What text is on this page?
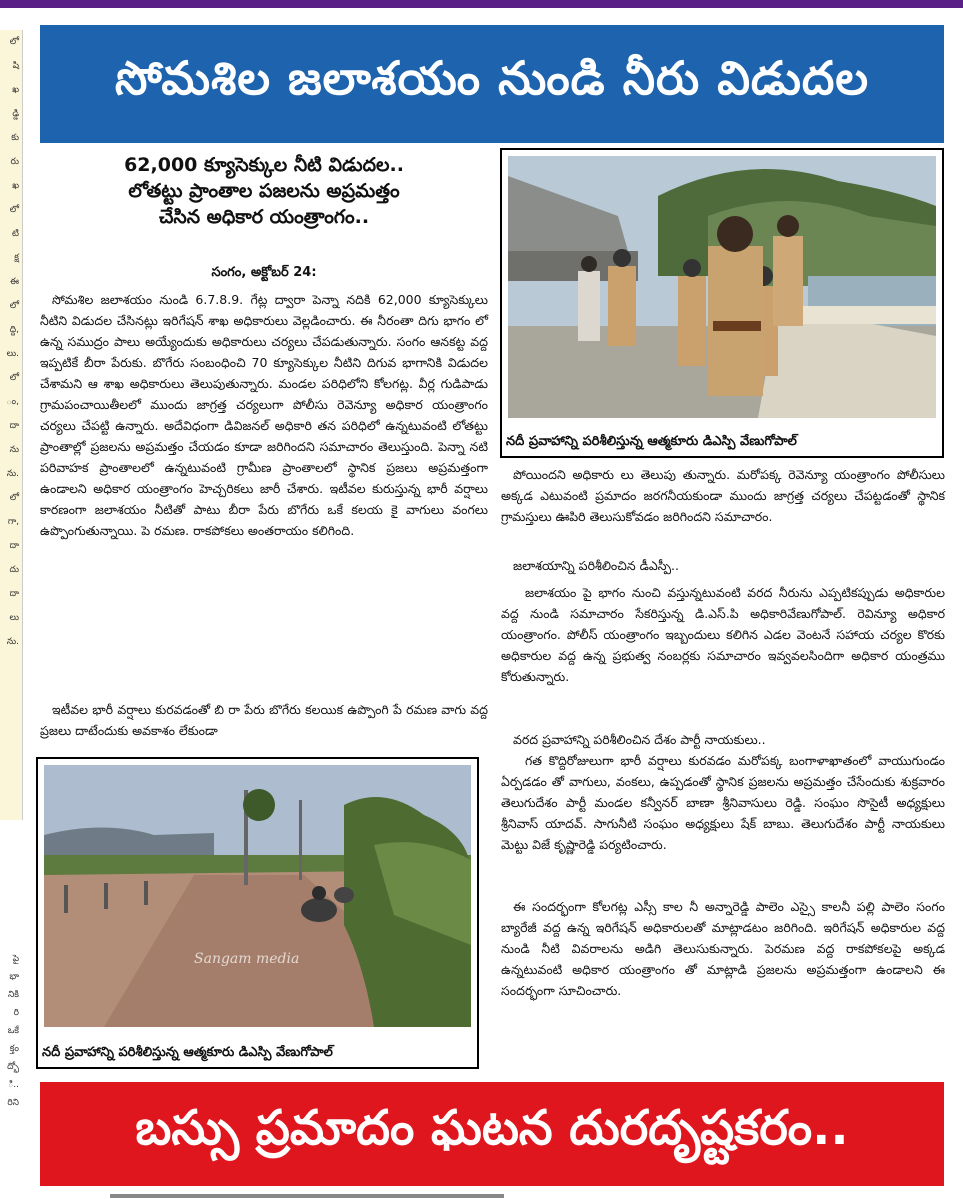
లో
షి
ఖ
డ్డి
కు
రు
ఖ
లో
టి
క్ష
ఈ
లో
ద్ది,
లు.
లో
ం,
దా
ను
ను.
లో
గా,
దా
దు
దా
లు
ను.
పై
భా
నికి
రి
ఒకే
క్తం
ద్భో
ి..
రిని
సోమశిల జలాశయం నుండి నీరు విడుదల
62,000 క్యూసెక్కుల నీటి విడుదల..
లోతట్టు ప్రాంతాల పజలను అప్రమత్తం
చేసిన అధికార యంత్రాంగం..
సంగం, అక్టోబర్ 24:

సోమశిల జలాశయం నుండి 6.7.8.9. గేట్ల ద్వారా పెన్నా నదికి 62,000 క్యూసెక్కులు నీటిని విడుదల చేసినట్లు ఇరిగేషన్ శాఖ అధికారులు వెల్లడించారు. ఈ నీరంతా దిగు భాగం లో ఉన్న సముద్రం పాలు అయ్యేందుకు అధికారులు చర్యలు చేపడుతున్నారు. సంగం ఆనకట్ట వద్ద ఇప్పటికే బీరా పేరుకు. బొగేరు సంబంధించి 70 క్యూసెక్కుల నీటిని దిగువ భాగానికి విడుదల చేశామని ఆ శాఖ అధికారులు తెలుపుతున్నారు. మండల పరిధిలోని కోలగట్ల. వీర్ల గుడిపాడు గ్రామపంచాయితీలలో ముందు జాగ్రత్త చర్యలుగా పోలీసు రెవెన్యూ అధికార యంత్రాంగం చర్యలు చేపట్టి ఉన్నారు. అదేవిధంగా డివిజనల్ అధికారి తన పరిధిలో ఉన్నటువంటి లోతట్టు ప్రాంతాల్లో ప్రజలను అప్రమత్తం చేయడం కూడా జరిగిందని సమాచారం తెలుస్తుంది. పెన్నా నటి పరివాహక ప్రాంతాలలో ఉన్నటువంటి గ్రామీణ ప్రాంతాలలో స్థానిక ప్రజలు అప్రమత్తంగా ఉండాలని అధికార యంత్రాంగం హెచ్చరికలు జారీ చేశారు. ఇటీవల కురుస్తున్న భారీ వర్షాలు కారణంగా జలాశయం నీటితో పాటు బీరా పేరు బొగేరు ఒకే కలయ కై వాగులు వంగలు ఉప్పొంగుతున్నాయి. పె రమణ. రాకపోకలు అంతరాయం కలిగింది.

ఇటీవల భారీ వర్షాలు కురవడంతో బి రా పేరు బొగేరు కలయిక ఉప్పొంగి పే రమణ వాగు వద్ద ప్రజలు దాటేందుకు అవకాశం లేకుండా

నదీ ప్రవాహాన్ని పరిశీలిస్తున్న ఆత్మకూరు డిఎస్పి వేణుగోపాల్
Sangam media
నదీ ప్రవాహాన్ని పరిశీలిస్తున్న ఆత్మకూరు డిఎస్పి వేణుగోపాల్

పోయిందని అధికారు లు తెలుపు తున్నారు. మరోపక్క రెవెన్యూ యంత్రాంగం పోలీసులు అక్కడ ఎటువంటి ప్రమాదం జరగనీయకుండా ముందు జాగ్రత్త చర్యలు చేపట్టడంతో స్థానిక గ్రామస్తులు ఊపిరి తెలుసుకోవడం జరిగిందని సమాచారం.

జలాశయాన్ని పరిశీలించిన డీఎస్పీ..

జలాశయం పై భాగం నుంచి వస్తున్నటువంటి వరద నీరును ఎప్పటికప్పుడు అధికారుల వద్ద నుండి సమాచారం సేకరిస్తున్న డి.ఎస్.పి అధికారివేణుగోపాల్. రెవిన్యూ అధికార యంత్రాంగం. పోలీస్ యంత్రాంగం ఇబ్బందులు కలిగిన ఎడల వెంటనే సహాయ చర్యల కొరకు అధికారుల వద్ద ఉన్న ప్రభుత్వ నంబర్లకు సమాచారం ఇవ్వవలసిందిగా అధికార యంత్రము కోరుతున్నారు.

వరద ప్రవాహాన్ని పరిశీలించిన దేశం పార్టీ నాయకులు..

గత కొద్దిరోజులుగా భారీ వర్షాలు కురవడం మరోపక్క బంగాళాఖాతంలో వాయుగుండం ఏర్పడడం తో వాగులు, వంకలు, ఉప్పడంతో స్థానిక ప్రజలను అప్రమత్తం చేసేందుకు శుక్రవారం తెలుగుదేశం పార్టీ మండల కన్వీనర్ బాణా శ్రీనివాసులు రెడ్డి. సంఘం సొసైటీ అధ్యక్షులు శ్రీనివాస్ యాదవ్. సాగునీటి సంఘం అధ్యక్షులు షేక్ బాబు. తెలుగుదేశం పార్టీ నాయకులు మెట్టు విజే కృష్ణారెడ్డి పర్యటించారు.

ఈ సందర్భంగా కోలగట్ల ఎస్సీ కాల నీ అన్నారెడ్డి పాలెం ఎస్సై కాలనీ పల్లి పాలెం సంగం బ్యారేజీ వద్ద ఉన్న ఇరిగేషన్ అధికారులతో మాట్లాడటం జరిగింది. ఇరిగేషన్ అధికారుల వద్ద నుండి నీటి వివరాలను అడిగి తెలుసుకున్నారు. పెరమణ వద్ద రాకపోకలపై అక్కడ ఉన్నటువంటి అధికార యంత్రాంగం తో మాట్లాడి ప్రజలను అప్రమత్తంగా ఉండాలని ఈ సందర్భంగా సూచించారు.

బస్సు ప్రమాదం ఘటన దురదృష్టకరం..
